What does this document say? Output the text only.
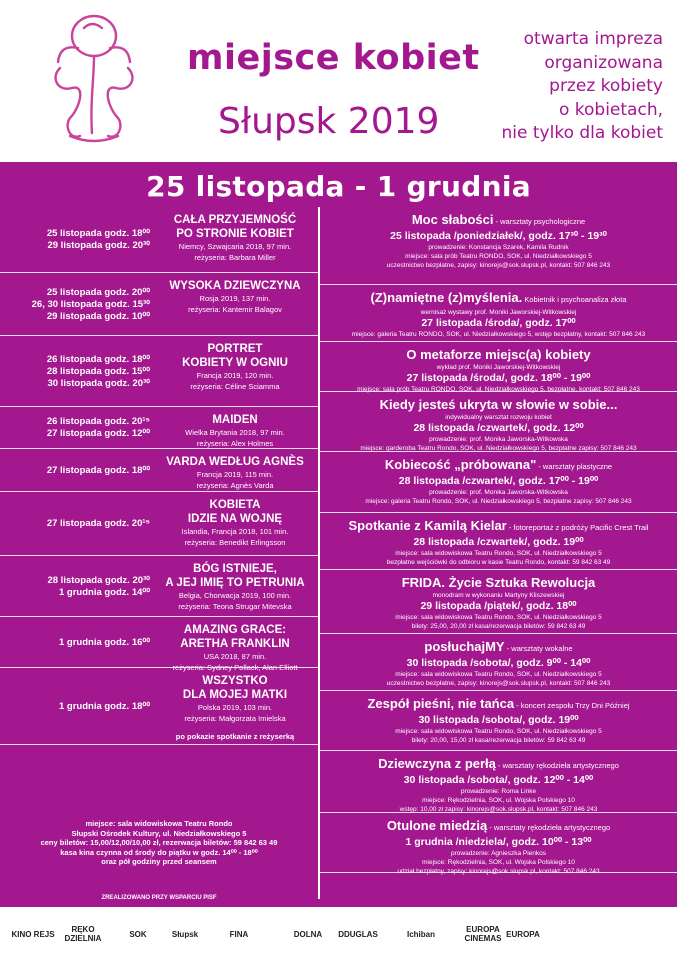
miejsce kobiet
Słupsk 2019
otwarta impreza
organizowana
przez kobiety
o kobietach,
nie tylko dla kobiet
25 listopada - 1 grudnia
25 listopada godz. 18⁰⁰
29 listopada godz. 20³⁰
CAŁA PRZYJEMNOŚĆ
PO STRONIE KOBIET
Niemcy, Szwajcaria 2018, 97 min.
reżyseria: Barbara Miller
25 listopada godz. 20⁰⁰
26, 30 listopada godz. 15³⁰
29 listopada godz. 10⁰⁰
WYSOKA DZIEWCZYNA
Rosja 2019, 137 min.
reżyseria: Kantemir Balagov
26 listopada godz. 18⁰⁰
28 listopada godz. 15⁰⁰
30 listopada godz. 20³⁰
PORTRET
KOBIETY W OGNIU
Francja 2019, 120 min.
reżyseria: Céline Sciamma
26 listopada godz. 20¹⁵
27 listopada godz. 12⁰⁰
MAIDEN
Wielka Brytania 2018, 97 min.
reżyseria: Alex Holmes
27 listopada godz. 18⁰⁰
VARDA WEDŁUG AGNÈS
Francja 2019, 115 min.
reżyseria: Agnès Varda
27 listopada godz. 20¹⁵
KOBIETA
IDZIE NA WOJNĘ
Islandia, Francja 2018, 101 min.
reżyseria: Benedikt Erlingsson
28 listopada godz. 20³⁰
1 grudnia godz. 14⁰⁰
BÓG ISTNIEJE,
A JEJ IMIĘ TO PETRUNIA
Belgia, Chorwacja 2019, 100 min.
reżyseria: Teona Strugar Mitevska
1 grudnia godz. 16⁰⁰
AMAZING GRACE:
ARETHA FRANKLIN
USA 2018, 87 min.
reżyseria: Sydney Pollack, Alan Elliott
1 grudnia godz. 18⁰⁰
WSZYSTKO
DLA MOJEJ MATKI
Polska 2019, 103 min.
reżyseria: Małgorzata Imielska
po pokazie spotkanie z reżyserką
Moc słabości - warsztaty psychologiczne
25 listopada /poniedziałek/, godz. 17³⁰ - 19³⁰
prowadzenie: Konstancja Szarek, Kamila Rudnik
miejsce: sala prób Teatru RONDO, SOK, ul. Niedziałkowskiego 5
uczestnictwo bezpłatne, zapisy: kinorejs@sok.slupsk.pl, kontakt: 507 846 243
(Z)namiętne (z)myślenia. Kobietnik i psychoanaliza złota
wernisaż wystawy prof. Moniki Jaworskiej-Witkowskiej
27 listopada /środa/, godz. 17⁰⁰
miejsce: galeria Teatru RONDO, SOK, ul. Niedziałkowskiego 5, wstęp bezpłatny, kontakt: 507 846 243
O metaforze miejsc(a) kobiety
wykład prof. Moniki Jaworskiej-Witkowskiej
27 listopada /środa/, godz. 18⁰⁰ - 19⁰⁰
miejsce: sala prób Teatru RONDO, SOK, ul. Niedziałkowskiego 5, bezpłatne, kontakt: 507 846 243
Kiedy jesteś ukryta w słowie w sobie...
indywidualny warsztat rozwoju kobiet
28 listopada /czwartek/, godz. 12⁰⁰
prowadzenie: prof. Monika Jaworska-Witkowska
miejsce: garderoba Teatru Rondo, SOK, ul. Niedziałkowskiego 5, bezpłatne zapisy: 507 846 243
Kobiecość „próbowana" - warsztaty plastyczne
28 listopada /czwartek/, godz. 17⁰⁰ - 19⁰⁰
prowadzenie: prof. Monika Jaworska-Witkowska
miejsce: galeria Teatru Rondo, SOK, ul. Niedziałkowskiego 5, bezpłatne zapisy: 507 846 243
Spotkanie z Kamilą Kielar - fotoreportaż z podróży Pacific Crest Trail
28 listopada /czwartek/, godz. 19⁰⁰
miejsce: sala widowiskowa Teatru Rondo, SOK, ul. Niedziałkowskiego 5
bezpłatne wejściówki do odbioru w kasie Teatru Rondo, kontakt: 59 842 63 49
FRIDA. Życie Sztuka Rewolucja
monodram w wykonaniu Martyny Kliszewskiej
29 listopada /piątek/, godz. 18⁰⁰
miejsce: sala widowiskowa Teatru Rondo, SOK, ul. Niedziałkowskiego 5
bilety: 25,00, 20,00 zł kasa/rezerwacja biletów: 59 842 63 49
posłuchajMY - warsztaty wokalne
30 listopada /sobota/, godz. 9⁰⁰ - 14⁰⁰
miejsce: sala widowiskowa Teatru Rondo, SOK, ul. Niedziałkowskiego 5
uczestnictwo bezpłatne, zapisy: kinorejs@sok.slupsk.pl, kontakt: 507 846 243
Zespół pieśni, nie tańca - koncert zespołu Trzy Dni Później
30 listopada /sobota/, godz. 19⁰⁰
miejsce: sala widowiskowa Teatru Rondo, SOK, ul. Niedziałkowskiego 5
bilety: 20,00, 15,00 zł kasa/rezerwacja biletów: 59 842 63 49
Dziewczyna z perłą - warsztaty rękodzieła artystycznego
30 listopada /sobota/, godz. 12⁰⁰ - 14⁰⁰
prowadzenie: Roma Linke
miejsce: Rękodzielnia, SOK, ul. Wojska Polskiego 10
wstęp: 10,00 zł zapisy: kinorejs@sok.slupsk.pl, kontakt: 507 846 243
Otulone miedzią - warsztaty rękodzieła artystycznego
1 grudnia /niedziela/, godz. 10⁰⁰ - 13⁰⁰
prowadzenie: Agnieszka Pienkos
miejsce: Rękodzielnia, SOK, ul. Wojska Polskiego 10
udział bezpłatny, zapisy: kinorejs@sok.slupsk.pl, kontakt: 507 846 243
miejsce: sala widowiskowa Teatru Rondo
Słupski Ośrodek Kultury, ul. Niedziałkowskiego 5
ceny biletów: 15,00/12,00/10,00 zł, rezerwacja biletów: 59 842 63 49
kasa kina czynna od środy do piątku w godz. 14⁰⁰ - 18⁰⁰
oraz pół godziny przed seansem
ZREALIZOWANO PRZY WSPARCIU PISF
KINO REJS	RĘKO DZIELNIA	SOK	Słupsk	FINA	DOLNA	DDUGLAS	Ichiban	EUROPA CINEMAS EUROPA
